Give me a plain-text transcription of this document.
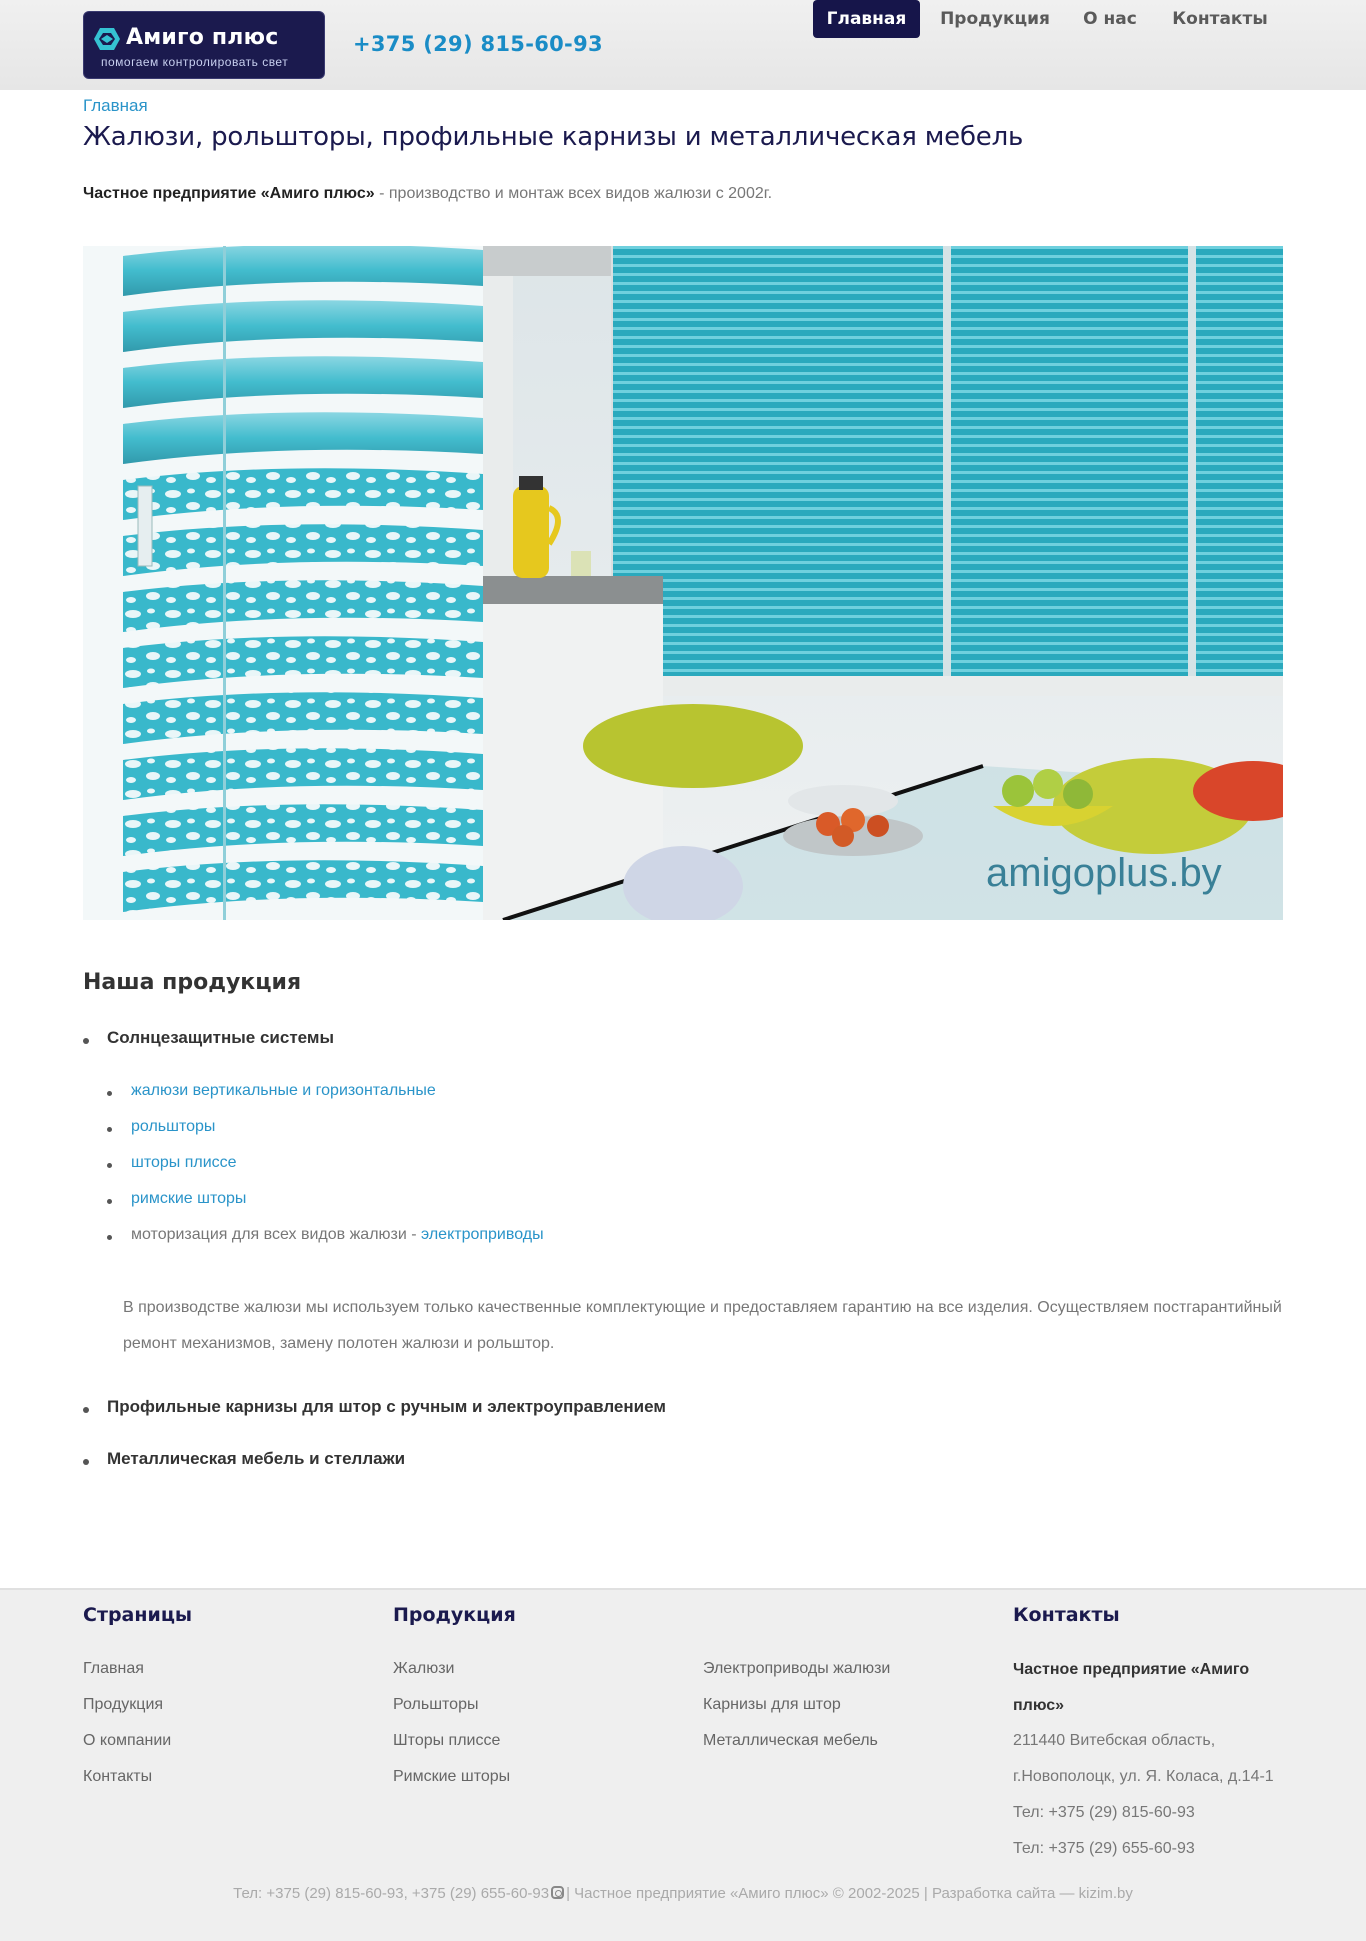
Амиго плюс
помогаем контролировать свет
+375 (29) 815-60-93
Главная	Продукция	О нас	Контакты
Главная
Жалюзи, рольшторы, профильные карнизы и металлическая мебель

Частное предприятие «Амиго плюс» - производство и монтаж всех видов жалюзи с 2002г.

amigoplus.by
Наша продукция
Солнцезащитные системы
жалюзи вертикальные и горизонтальные
рольшторы
шторы плиссе
римские шторы
моторизация для всех видов жалюзи - электроприводы

В производстве жалюзи мы используем только качественные комплектующие и предоставляем гарантию на все изделия. Осуществляем постгарантийный ремонт механизмов, замену полотен жалюзи и рольштор.

Профильные карнизы для штор с ручным и электроуправлением
Металлическая мебель и стеллажи
Страницы
Главная
Продукция
О компании
Контакты
Продукция
Жалюзи
Рольшторы
Шторы плиссе
Римские шторы
Электроприводы жалюзи
Карнизы для штор
Металлическая мебель
Контакты
Частное предприятие «Амиго плюс»
211440 Витебская область,
г.Новополоцк, ул. Я. Коласа, д.14-1
Тел: +375 (29) 815-60-93
Тел: +375 (29) 655-60-93
Тел: +375 (29) 815-60-93, +375 (29) 655-60-93 | Частное предприятие «Амиго плюс» © 2002-2025 | Разработка сайта — kizim.by
